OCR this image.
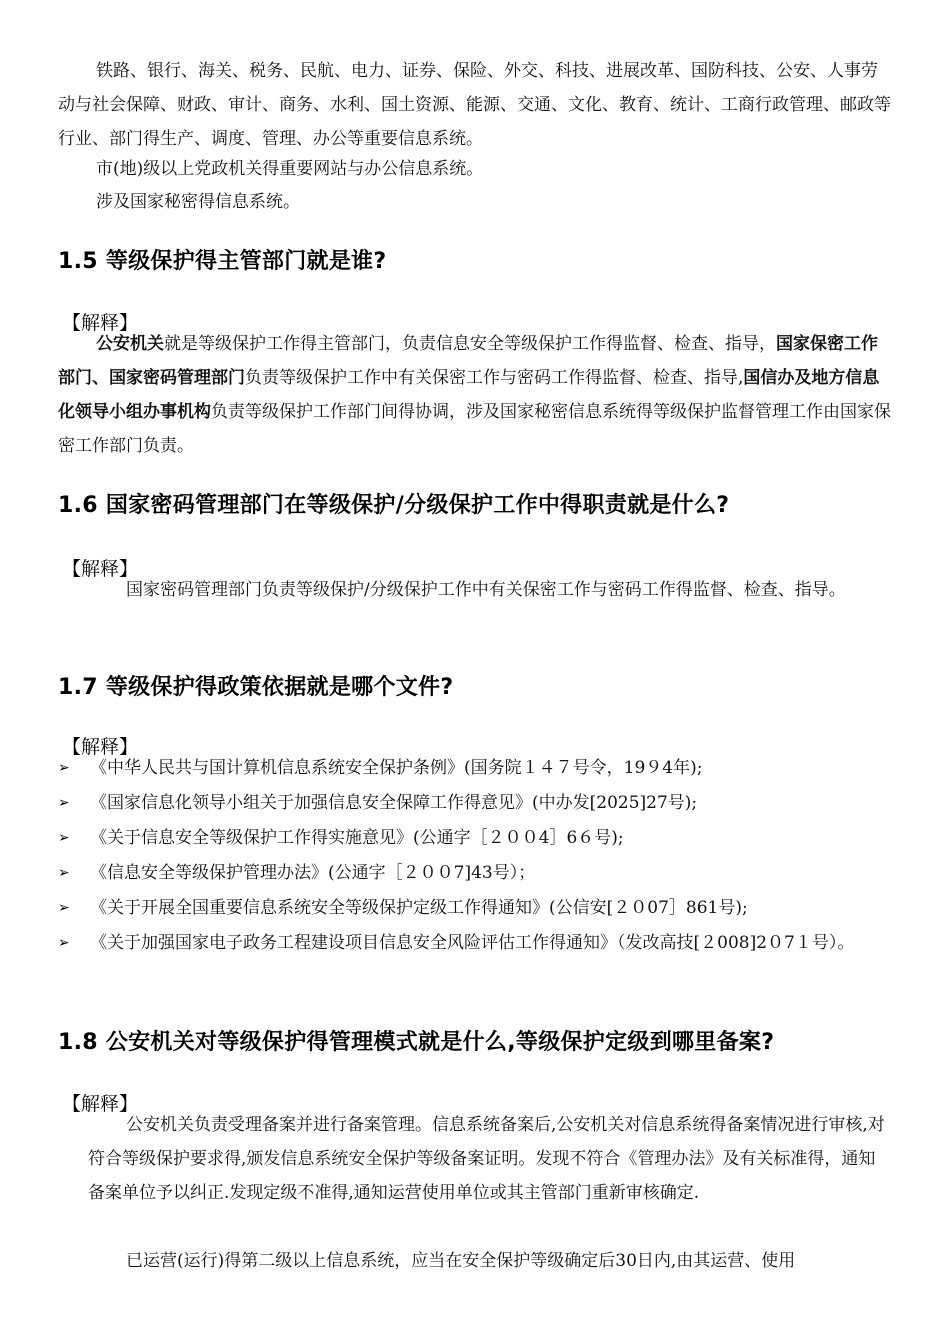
铁路、银行、海关、税务、民航、电力、证券、保险、外交、科技、进展改革、国防科技、公安、人事劳动与社会保障、财政、审计、商务、水利、国土资源、能源、交通、文化、教育、统计、工商行政管理、邮政等行业、部门得生产、调度、管理、办公等重要信息系统。
市(地)级以上党政机关得重要网站与办公信息系统。
涉及国家秘密得信息系统。
1.5 等级保护得主管部门就是谁?
【解释】
公安机关就是等级保护工作得主管部门，负责信息安全等级保护工作得监督、检查、指导，国家保密工作部门、国家密码管理部门负责等级保护工作中有关保密工作与密码工作得监督、检查、指导,国信办及地方信息化领导小组办事机构负责等级保护工作部门间得协调，涉及国家秘密信息系统得等级保护监督管理工作由国家保密工作部门负责。
1.6 国家密码管理部门在等级保护/分级保护工作中得职责就是什么?
【解释】
国家密码管理部门负责等级保护/分级保护工作中有关保密工作与密码工作得监督、检查、指导。
1.7 等级保护得政策依据就是哪个文件?
【解释】
➢ 《中华人民共与国计算机信息系统安全保护条例》(国务院１４７号令，19９4年);
➢ 《国家信息化领导小组关于加强信息安全保障工作得意见》(中办发[2025]27号);
➢ 《关于信息安全等级保护工作得实施意见》(公通字［２００4］6６号);
➢ 《信息安全等级保护管理办法》(公通字［２００7]43号）；
➢ 《关于开展全国重要信息系统安全等级保护定级工作得通知》(公信安[２０07］861号);
➢ 《关于加强国家电子政务工程建设项目信息安全风险评估工作得通知》（发改高技[２008]2０7１号）。
1.8 公安机关对等级保护得管理模式就是什么,等级保护定级到哪里备案?
【解释】
公安机关负责受理备案并进行备案管理。信息系统备案后,公安机关对信息系统得备案情况进行审核,对符合等级保护要求得,颁发信息系统安全保护等级备案证明。发现不符合《管理办法》及有关标准得，通知备案单位予以纠正.发现定级不准得,通知运营使用单位或其主管部门重新审核确定.
已运营(运行)得第二级以上信息系统，应当在安全保护等级确定后30日内,由其运营、使用
